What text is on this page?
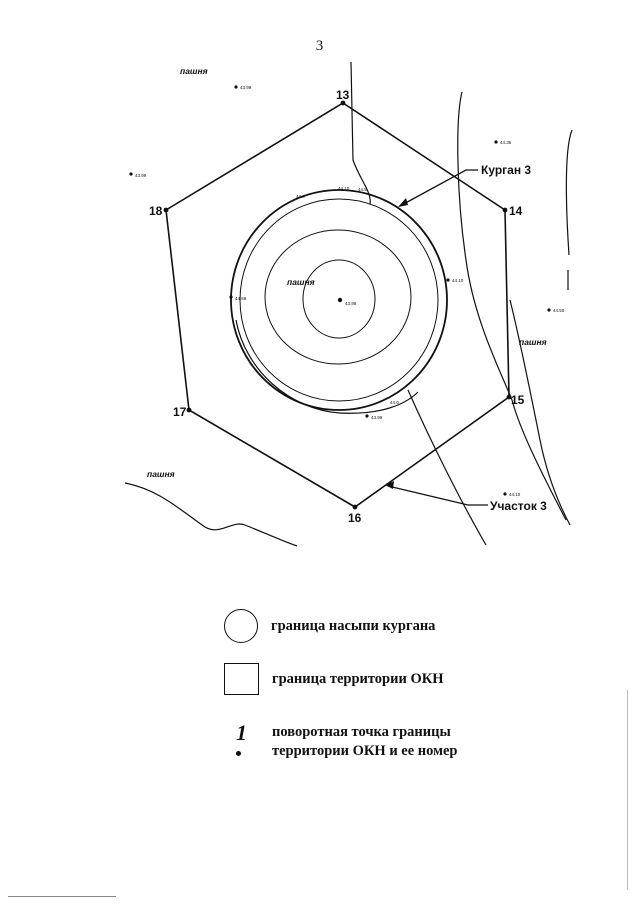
3
13
14
15
16
17
18
пашня
пашня
пашня
пашня
Курган 3
Участок 3
43.99
44.35
43.98
44.10
44.10
43.99
44.50
44.58
43.99
44.10
44.0
44.0
44.5
граница насыпи кургана
граница территории ОКН
1 поворотная точка границы
территории ОКН и ее номер
